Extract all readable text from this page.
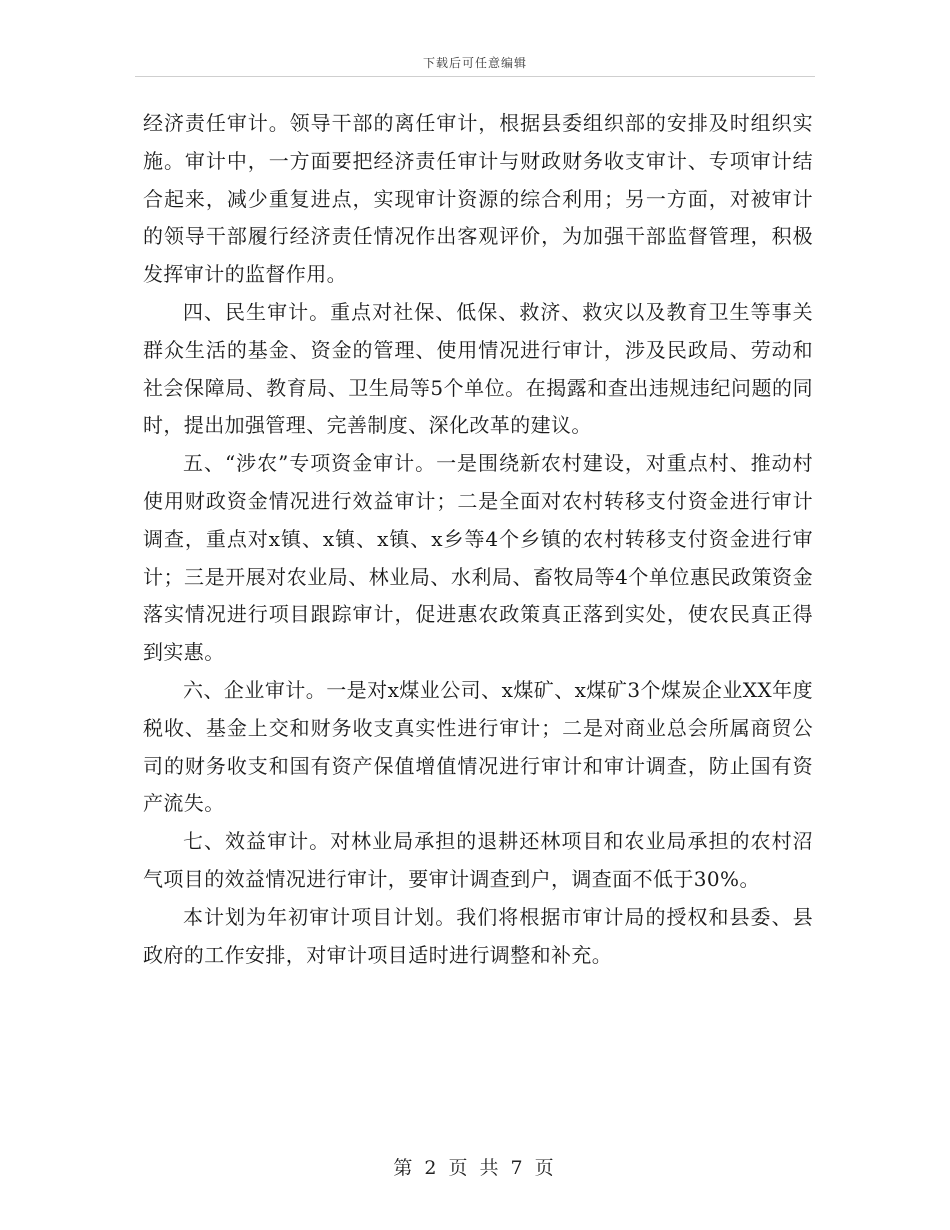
下载后可任意编辑

经济责任审计。领导干部的离任审计，根据县委组织部的安排及时组织实施。审计中，一方面要把经济责任审计与财政财务收支审计、专项审计结合起来，减少重复进点，实现审计资源的综合利用；另一方面，对被审计的领导干部履行经济责任情况作出客观评价，为加强干部监督管理，积极发挥审计的监督作用。

四、民生审计。重点对社保、低保、救济、救灾以及教育卫生等事关群众生活的基金、资金的管理、使用情况进行审计，涉及民政局、劳动和社会保障局、教育局、卫生局等5个单位。在揭露和查出违规违纪问题的同时，提出加强管理、完善制度、深化改革的建议。

五、“涉农”专项资金审计。一是围绕新农村建设，对重点村、推动村使用财政资金情况进行效益审计；二是全面对农村转移支付资金进行审计调查，重点对x镇、x镇、x镇、x乡等4个乡镇的农村转移支付资金进行审计；三是开展对农业局、林业局、水利局、畜牧局等4个单位惠民政策资金落实情况进行项目跟踪审计，促进惠农政策真正落到实处，使农民真正得到实惠。

六、企业审计。一是对x煤业公司、x煤矿、x煤矿3个煤炭企业XX年度税收、基金上交和财务收支真实性进行审计；二是对商业总会所属商贸公司的财务收支和国有资产保值增值情况进行审计和审计调查，防止国有资产流失。

七、效益审计。对林业局承担的退耕还林项目和农业局承担的农村沼气项目的效益情况进行审计，要审计调查到户，调查面不低于30%。

本计划为年初审计项目计划。我们将根据市审计局的授权和县委、县政府的工作安排，对审计项目适时进行调整和补充。

第 2 页 共 7 页
